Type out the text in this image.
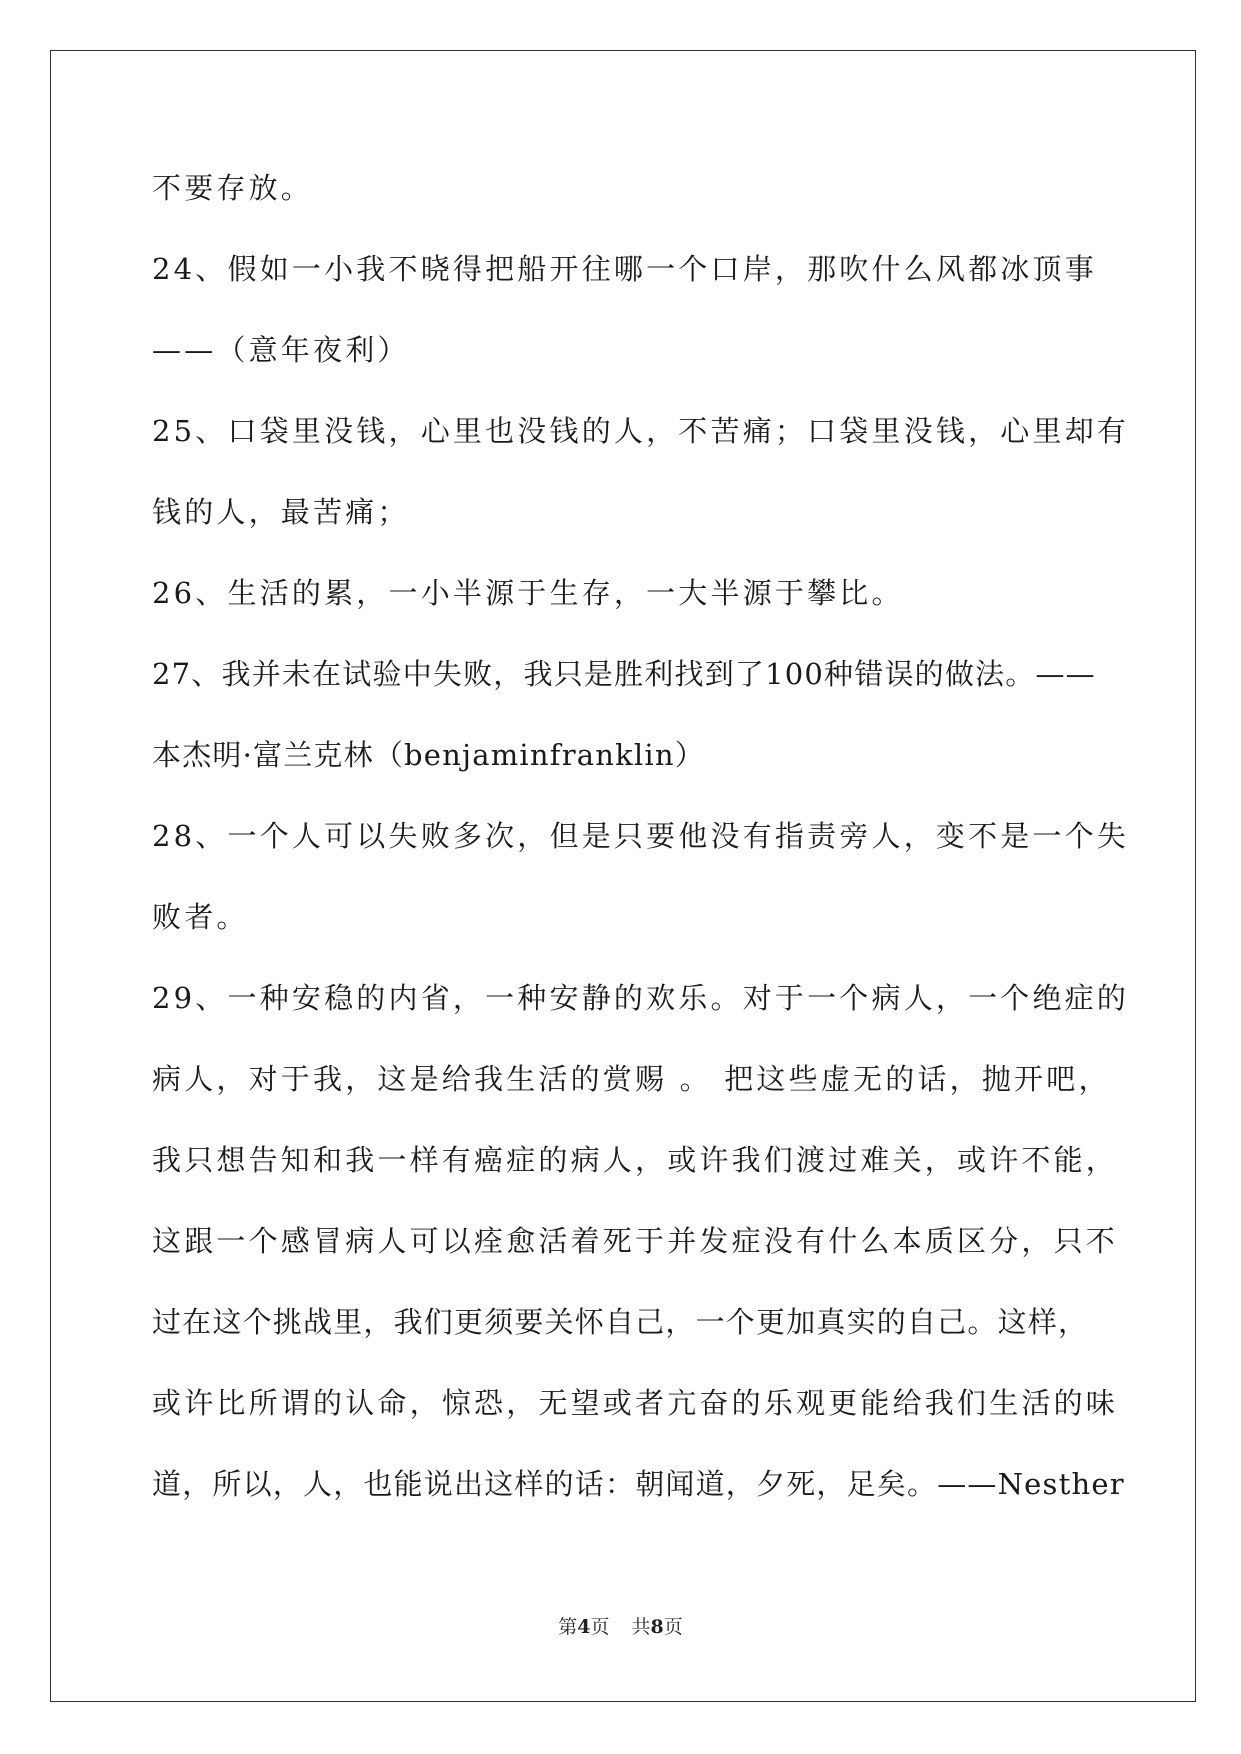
不要存放。
24、假如一小我不晓得把船开往哪一个口岸，那吹什么风都冰顶事
——（意年夜利）
25、口袋里没钱，心里也没钱的人，不苦痛；口袋里没钱，心里却有
钱的人，最苦痛；
26、生活的累，一小半源于生存，一大半源于攀比。
27、我并未在试验中失败，我只是胜利找到了100种错误的做法。——
本杰明·富兰克林（benjaminfranklin）
28、一个人可以失败多次，但是只要他没有指责旁人，变不是一个失
败者。
29、一种安稳的内省，一种安静的欢乐。对于一个病人，一个绝症的
病人，对于我，这是给我生活的赏赐 。 把这些虚无的话，抛开吧，
我只想告知和我一样有癌症的病人，或许我们渡过难关，或许不能，
这跟一个感冒病人可以痊愈活着死于并发症没有什么本质区分，只不
过在这个挑战里，我们更须要关怀自己，一个更加真实的自己。这样，
或许比所谓的认命，惊恐，无望或者亢奋的乐观更能给我们生活的味
道，所以，人，也能说出这样的话：朝闻道，夕死，足矣。——Nesther
第4页 共8页
